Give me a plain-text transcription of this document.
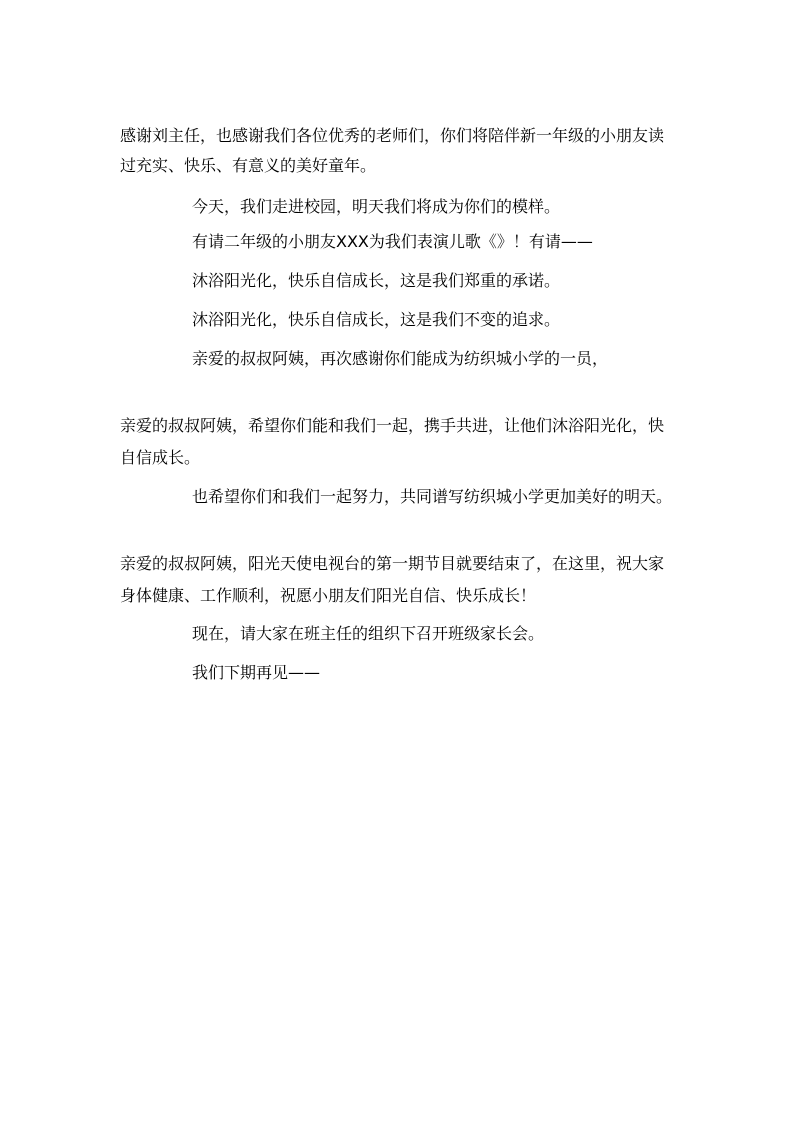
感谢刘主任，也感谢我们各位优秀的老师们，你们将陪伴新一年级的小朋友读
过充实、快乐、有意义的美好童年。
今天，我们走进校园，明天我们将成为你们的模样。
有请二年级的小朋友XXX为我们表演儿歌《》！有请——
沐浴阳光化，快乐自信成长，这是我们郑重的承诺。
沐浴阳光化，快乐自信成长，这是我们不变的追求。
亲爱的叔叔阿姨，再次感谢你们能成为纺织城小学的一员，
亲爱的叔叔阿姨，希望你们能和我们一起，携手共进，让他们沐浴阳光化，快
自信成长。
也希望你们和我们一起努力，共同谱写纺织城小学更加美好的明天。
亲爱的叔叔阿姨，阳光天使电视台的第一期节目就要结束了，在这里，祝大家
身体健康、工作顺利，祝愿小朋友们阳光自信、快乐成长！
现在，请大家在班主任的组织下召开班级家长会。
我们下期再见——
